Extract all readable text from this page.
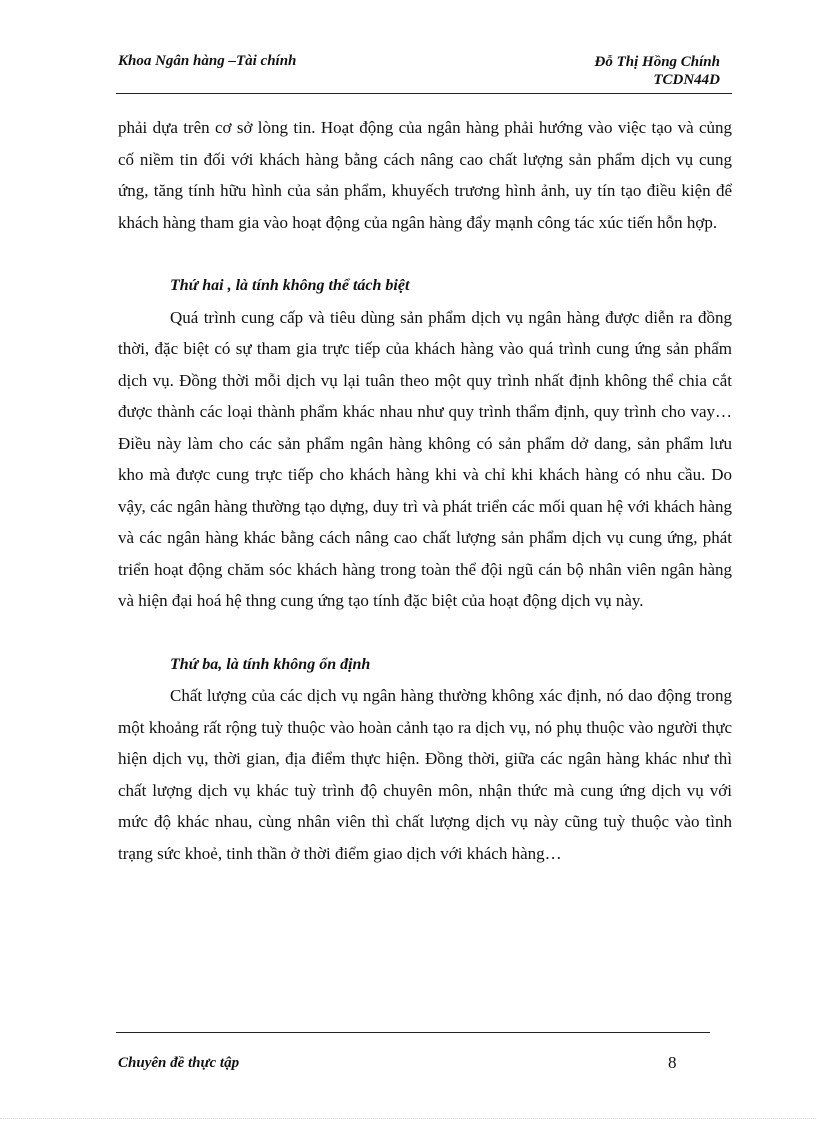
Khoa Ngân hàng –Tài chính	Đỗ Thị Hồng Chính
TCDN44D

phải dựa trên cơ sở lòng tin. Hoạt động của ngân hàng phải hướng vào việc tạo và củng cố niềm tin đối với khách hàng bằng cách nâng cao chất lượng sản phẩm dịch vụ cung ứng, tăng tính hữu hình của sản phẩm, khuyếch trương hình ảnh, uy tín tạo điều kiện để khách hàng tham gia vào hoạt động của ngân hàng đẩy mạnh công tác xúc tiến hỗn hợp.

Thứ hai , là tính không thể tách biệt

Quá trình cung cấp và tiêu dùng sản phẩm dịch vụ ngân hàng được diễn ra đồng thời, đặc biệt có sự tham gia trực tiếp của khách hàng vào quá trình cung ứng sản phẩm dịch vụ. Đồng thời mỗi dịch vụ lại tuân theo một quy trình nhất định không thể chia cắt được thành các loại thành phẩm khác nhau như quy trình thẩm định, quy trình cho vay…Điều này làm cho các sản phẩm ngân hàng không có sản phẩm dở dang, sản phẩm lưu kho mà được cung trực tiếp cho khách hàng khi và chỉ khi khách hàng có nhu cầu. Do vậy, các ngân hàng thường tạo dựng, duy trì và phát triển các mối quan hệ với khách hàng và các ngân hàng khác bằng cách nâng cao chất lượng sản phẩm dịch vụ cung ứng, phát triển hoạt động chăm sóc khách hàng trong toàn thể đội ngũ cán bộ nhân viên ngân hàng và hiện đại hoá hệ thng cung ứng tạo tính đặc biệt của hoạt động dịch vụ này.

Thứ ba, là tính không ổn định

Chất lượng của các dịch vụ ngân hàng thường không xác định, nó dao động trong một khoảng rất rộng tuỳ thuộc vào hoàn cảnh tạo ra dịch vụ, nó phụ thuộc vào người thực hiện dịch vụ, thời gian, địa điểm thực hiện. Đồng thời, giữa các ngân hàng khác như thì chất lượng dịch vụ khác tuỳ trình độ chuyên môn, nhận thức mà cung ứng dịch vụ với mức độ khác nhau, cùng nhân viên thì chất lượng dịch vụ này cũng tuỳ thuộc vào tình trạng sức khoẻ, tinh thần ở thời điểm giao dịch với khách hàng…

Chuyên đề thực tập	8
